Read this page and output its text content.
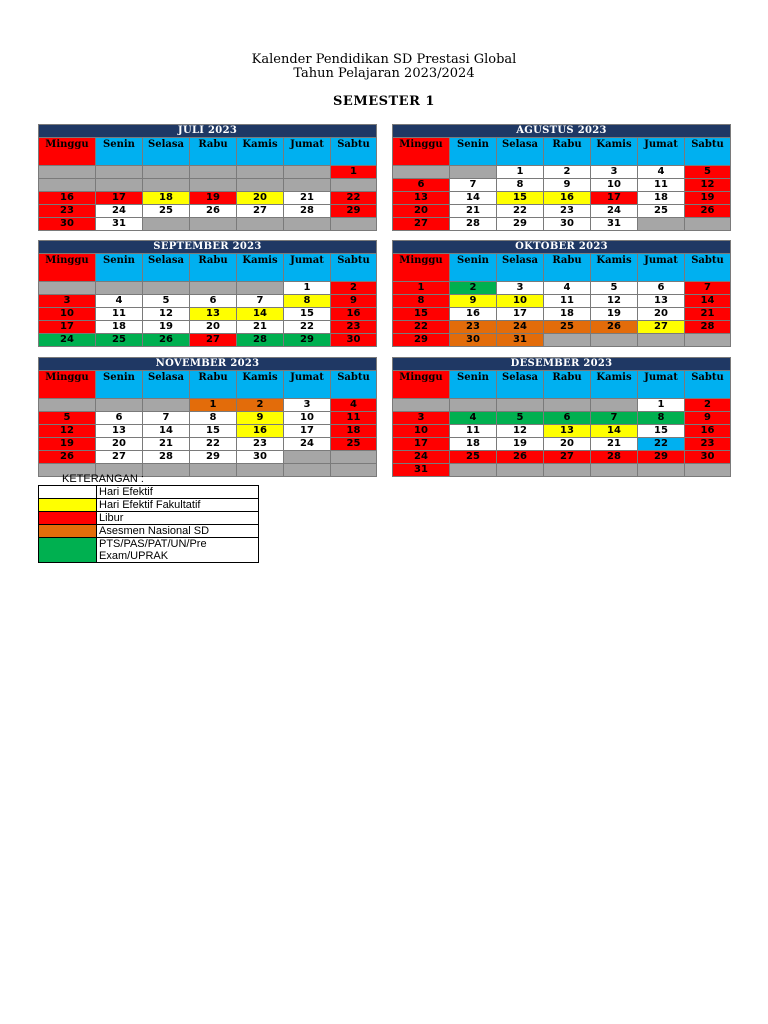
Kalender Pendidikan SD Prestasi Global
Tahun Pelajaran 2023/2024
SEMESTER 1
JULI 2023						
Minggu	Senin	Selasa	Rabu	Kamis	Jumat	Sabtu
						1

16	17	18	19	20	21	22
23	24	25	26	27	28	29
30	31					
AGUSTUS 2023						
Minggu	Senin	Selasa	Rabu	Kamis	Jumat	Sabtu
		1	2	3	4	5
6	7	8	9	10	11	12
13	14	15	16	17	18	19
20	21	22	23	24	25	26
27	28	29	30	31		
SEPTEMBER 2023						
Minggu	Senin	Selasa	Rabu	Kamis	Jumat	Sabtu
					1	2
3	4	5	6	7	8	9
10	11	12	13	14	15	16
17	18	19	20	21	22	23
24	25	26	27	28	29	30
OKTOBER 2023						
Minggu	Senin	Selasa	Rabu	Kamis	Jumat	Sabtu
1	2	3	4	5	6	7
8	9	10	11	12	13	14
15	16	17	18	19	20	21
22	23	24	25	26	27	28
29	30	31				
NOVEMBER 2023						
Minggu	Senin	Selasa	Rabu	Kamis	Jumat	Sabtu
			1	2	3	4
5	6	7	8	9	10	11
12	13	14	15	16	17	18
19	20	21	22	23	24	25
26	27	28	29	30		

DESEMBER 2023						
Minggu	Senin	Selasa	Rabu	Kamis	Jumat	Sabtu
					1	2
3	4	5	6	7	8	9
10	11	12	13	14	15	16
17	18	19	20	21	22	23
24	25	26	27	28	29	30
31						
KETERANGAN :
	Hari Efektif
	Hari Efektif Fakultatif
	Libur
	Asesmen Nasional SD
	PTS/PAS/PAT/UN/Pre Exam/UPRAK
